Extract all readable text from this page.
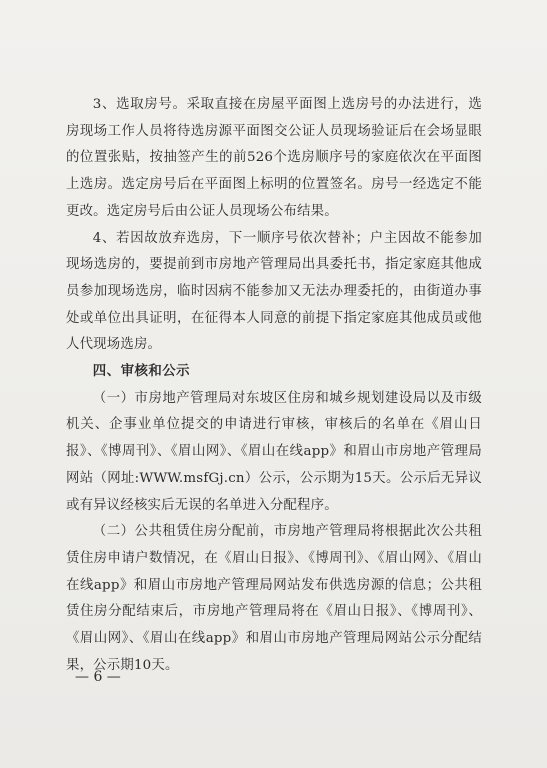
3、选取房号。采取直接在房屋平面图上选房号的办法进行，选房现场工作人员将待选房源平面图交公证人员现场验证后在会场显眼的位置张贴，按抽签产生的前526个选房顺序号的家庭依次在平面图上选房。选定房号后在平面图上标明的位置签名。房号一经选定不能更改。选定房号后由公证人员现场公布结果。

4、若因故放弃选房，下一顺序号依次替补；户主因故不能参加现场选房的，要提前到市房地产管理局出具委托书，指定家庭其他成员参加现场选房，临时因病不能参加又无法办理委托的，由街道办事处或单位出具证明，在征得本人同意的前提下指定家庭其他成员或他人代现场选房。

四、审核和公示

（一）市房地产管理局对东坡区住房和城乡规划建设局以及市级机关、企事业单位提交的申请进行审核，审核后的名单在《眉山日报》、《博周刊》、《眉山网》、《眉山在线app》和眉山市房地产管理局网站（网址:WWW.msfGj.cn）公示，公示期为15天。公示后无异议或有异议经核实后无误的名单进入分配程序。

（二）公共租赁住房分配前，市房地产管理局将根据此次公共租赁住房申请户数情况，在《眉山日报》、《博周刊》、《眉山网》、《眉山在线app》和眉山市房地产管理局网站发布供选房源的信息；公共租赁住房分配结束后，市房地产管理局将在《眉山日报》、《博周刊》、《眉山网》、《眉山在线app》和眉山市房地产管理局网站公示分配结果，公示期10天。

— 6 —
